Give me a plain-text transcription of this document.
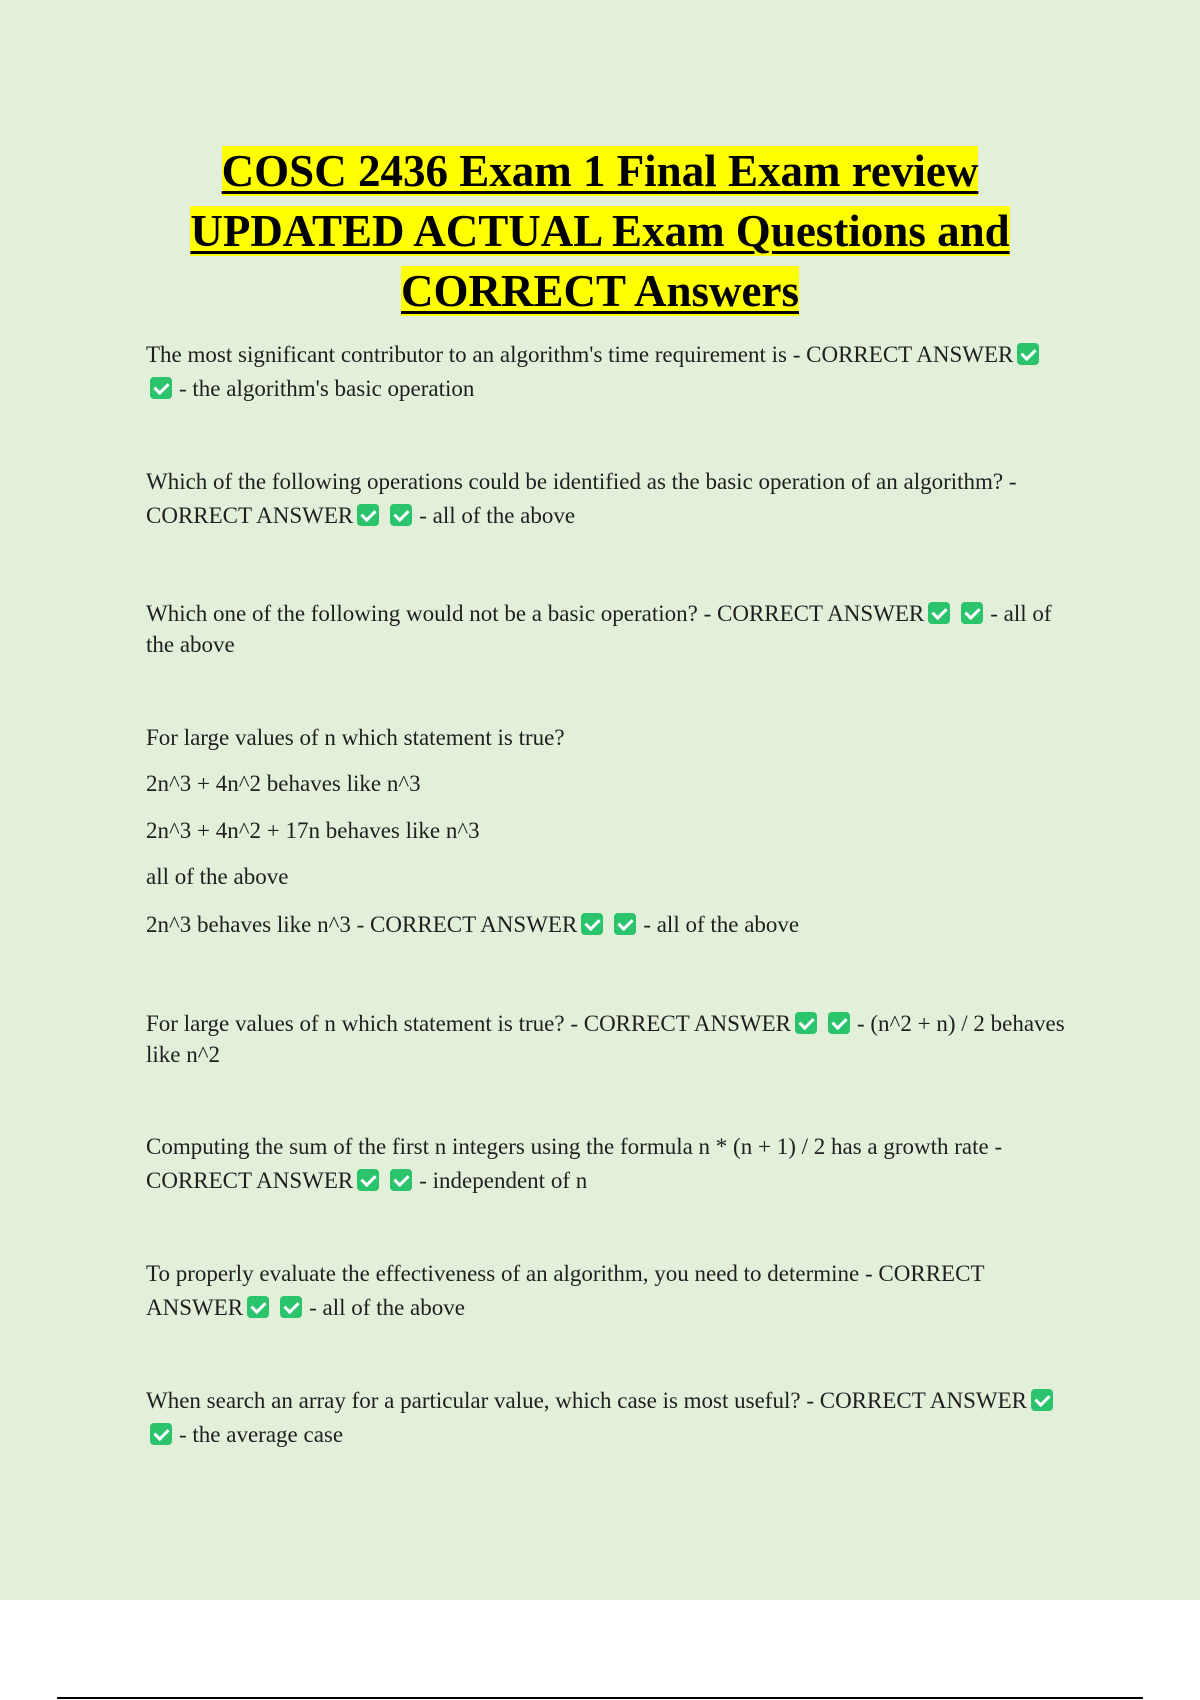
COSC 2436 Exam 1 Final Exam review
UPDATED ACTUAL Exam Questions and
CORRECT Answers

The most significant contributor to an algorithm's time requirement is - CORRECT ANSWER- the algorithm's basic operation

Which of the following operations could be identified as the basic operation of an algorithm? - CORRECT ANSWER	- all of the above

Which one of the following would not be a basic operation? - CORRECT ANSWER	- all of the above

For large values of n which statement is true?

2n^3 + 4n^2 behaves like n^3

2n^3 + 4n^2 + 17n behaves like n^3

all of the above

2n^3 behaves like n^3 - CORRECT ANSWER	- all of the above

For large values of n which statement is true? - CORRECT ANSWER	- (n^2 + n) / 2 behaves like n^2

Computing the sum of the first n integers using the formula n * (n + 1) / 2 has a growth rate - CORRECT ANSWER	- independent of n

To properly evaluate the effectiveness of an algorithm, you need to determine - CORRECT ANSWER	- all of the above

When search an array for a particular value, which case is most useful? - CORRECT ANSWER- the average case
